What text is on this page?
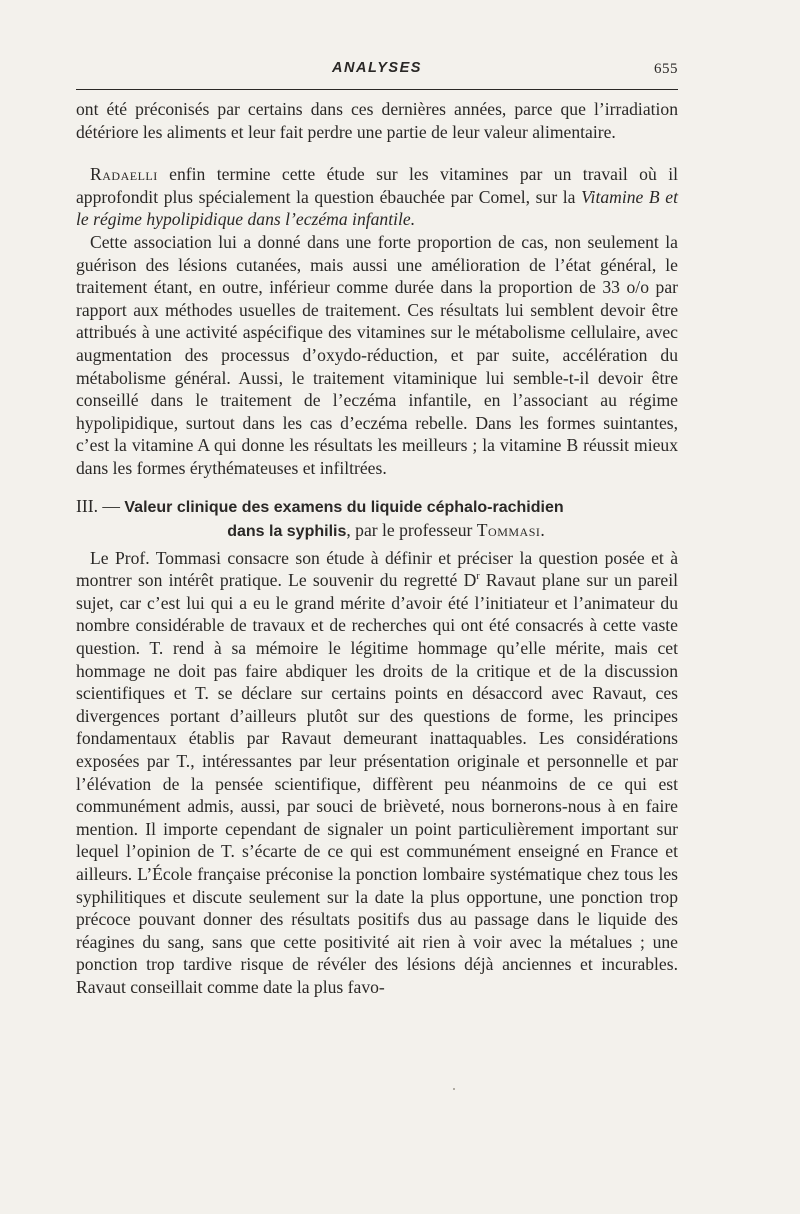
ANALYSES	655

ont été préconisés par certains dans ces dernières années, parce que l’irradiation détériore les aliments et leur fait perdre une partie de leur valeur alimentaire.

Radaelli enfin termine cette étude sur les vitamines par un travail où il approfondit plus spécialement la question ébauchée par Comel, sur la Vitamine B et le régime hypolipidique dans l’eczéma infantile.

Cette association lui a donné dans une forte proportion de cas, non seulement la guérison des lésions cutanées, mais aussi une amélioration de l’état général, le traitement étant, en outre, inférieur comme durée dans la proportion de 33 o/o par rapport aux méthodes usuelles de traitement. Ces résultats lui semblent devoir être attribués à une activité aspécifique des vitamines sur le métabolisme cellulaire, avec augmentation des processus d’oxydo-réduction, et par suite, accélération du métabolisme général. Aussi, le traitement vitaminique lui semble-t-il devoir être conseillé dans le traitement de l’eczéma infantile, en l’associant au régime hypolipidique, surtout dans les cas d’eczéma rebelle. Dans les formes suintantes, c’est la vitamine A qui donne les résultats les meilleurs ; la vitamine B réussit mieux dans les formes érythémateuses et infiltrées.

III. — Valeur clinique des examens du liquide céphalo-rachidien
dans la syphilis, par le professeur Tommasi.

Le Prof. Tommasi consacre son étude à définir et préciser la question posée et à montrer son intérêt pratique. Le souvenir du regretté $D^r$ Ravaut plane sur un pareil sujet, car c’est lui qui a eu le grand mérite d’avoir été l’initiateur et l’animateur du nombre considérable de travaux et de recherches qui ont été consacrés à cette vaste question. T. rend à sa mémoire le légitime hommage qu’elle mérite, mais cet hommage ne doit pas faire abdiquer les droits de la critique et de la discussion scientifiques et T. se déclare sur certains points en désaccord avec Ravaut, ces divergences portant d’ailleurs plutôt sur des questions de forme, les principes fondamentaux établis par Ravaut demeurant inattaquables. Les considérations exposées par T., intéressantes par leur présentation originale et personnelle et par l’élévation de la pensée scientifique, diffèrent peu néanmoins de ce qui est communément admis, aussi, par souci de brièveté, nous bornerons-nous à en faire mention. Il importe cependant de signaler un point particulièrement important sur lequel l’opinion de T. s’écarte de ce qui est communément enseigné en France et ailleurs. L’École française préconise la ponction lombaire systématique chez tous les syphilitiques et discute seulement sur la date la plus opportune, une ponction trop précoce pouvant donner des résultats positifs dus au passage dans le liquide des réagines du sang, sans que cette positivité ait rien à voir avec la métalues ; une ponction trop tardive risque de révéler des lésions déjà anciennes et incurables. Ravaut conseillait comme date la plus favo-
